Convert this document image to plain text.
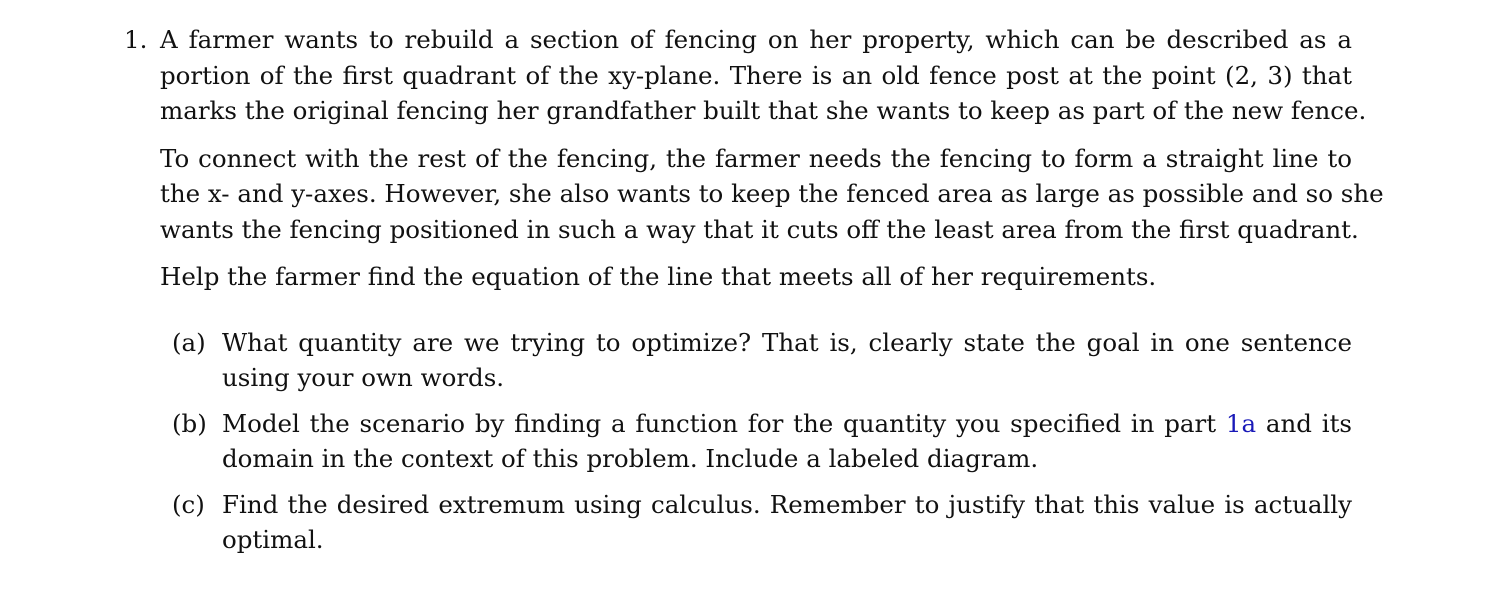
1. A farmer wants to rebuild a section of fencing on her property, which can be described as a
portion of the first quadrant of the xy-plane. There is an old fence post at the point (2, 3) that
marks the original fencing her grandfather built that she wants to keep as part of the new fence.
To connect with the rest of the fencing, the farmer needs the fencing to form a straight line to
the x- and y-axes. However, she also wants to keep the fenced area as large as possible and so she
wants the fencing positioned in such a way that it cuts off the least area from the first quadrant.
Help the farmer find the equation of the line that meets all of her requirements.
(a) What quantity are we trying to optimize? That is, clearly state the goal in one sentence
using your own words.
(b) Model the scenario by finding a function for the quantity you specified in part 1a and its
domain in the context of this problem. Include a labeled diagram.
(c) Find the desired extremum using calculus. Remember to justify that this value is actually
optimal.
